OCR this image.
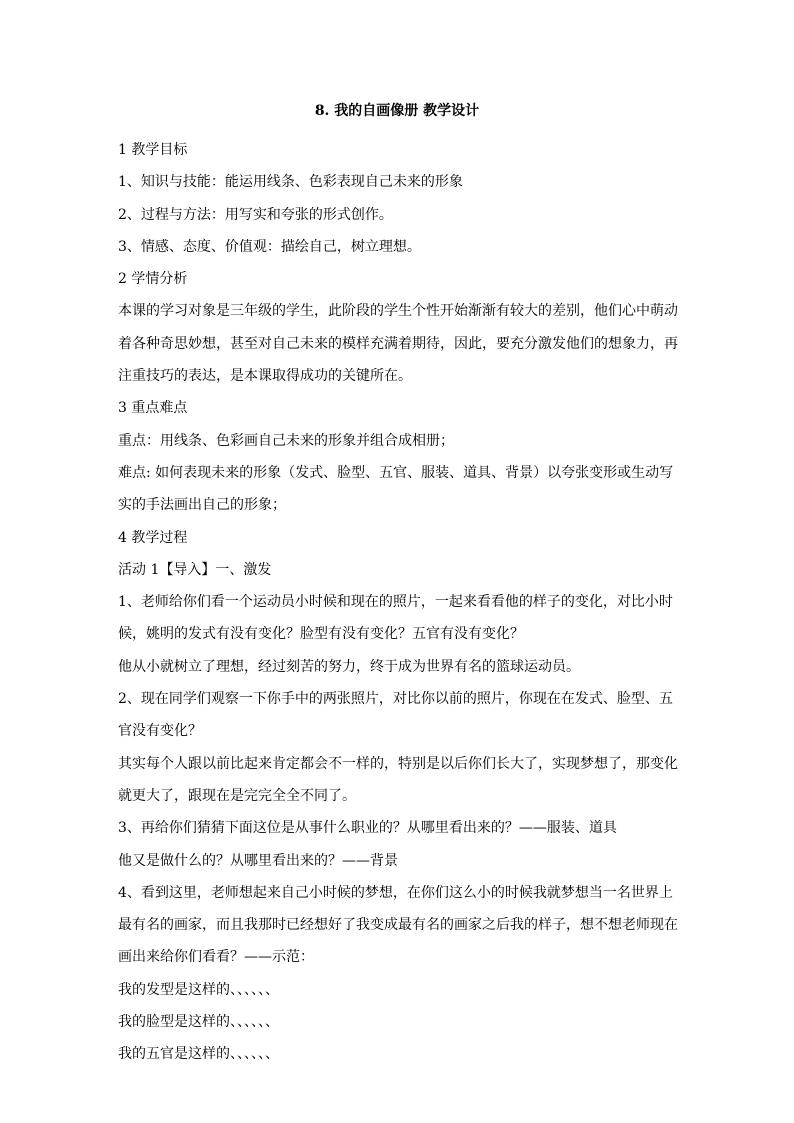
8. 我的自画像册 教学设计
1 教学目标
1、知识与技能：能运用线条、色彩表现自己未来的形象
2、过程与方法：用写实和夸张的形式创作。
3、情感、态度、价值观：描绘自己，树立理想。
2 学情分析
本课的学习对象是三年级的学生，此阶段的学生个性开始渐渐有较大的差别，他们心中萌动
着各种奇思妙想，甚至对自己未来的模样充满着期待，因此，要充分激发他们的想象力，再
注重技巧的表达，是本课取得成功的关键所在。
3 重点难点
重点：用线条、色彩画自己未来的形象并组合成相册；
难点: 如何表现未来的形象（发式、脸型、五官、服装、道具、背景）以夸张变形或生动写
实的手法画出自己的形象；
4 教学过程
活动 1【导入】一、激发
1、老师给你们看一个运动员小时候和现在的照片，一起来看看他的样子的变化，对比小时
候，姚明的发式有没有变化？脸型有没有变化？五官有没有变化？
他从小就树立了理想，经过刻苦的努力，终于成为世界有名的篮球运动员。
2、现在同学们观察一下你手中的两张照片，对比你以前的照片，你现在在发式、脸型、五
官没有变化？
其实每个人跟以前比起来肯定都会不一样的，特别是以后你们长大了，实现梦想了，那变化
就更大了，跟现在是完完全全不同了。
3、再给你们猜猜下面这位是从事什么职业的？从哪里看出来的？——服装、道具
他又是做什么的？从哪里看出来的？——背景
4、看到这里，老师想起来自己小时候的梦想，在你们这么小的时候我就梦想当一名世界上
最有名的画家，而且我那时已经想好了我变成最有名的画家之后我的样子，想不想老师现在
画出来给你们看看？——示范：
我的发型是这样的、、、、、、
我的脸型是这样的、、、、、、
我的五官是这样的、、、、、、
